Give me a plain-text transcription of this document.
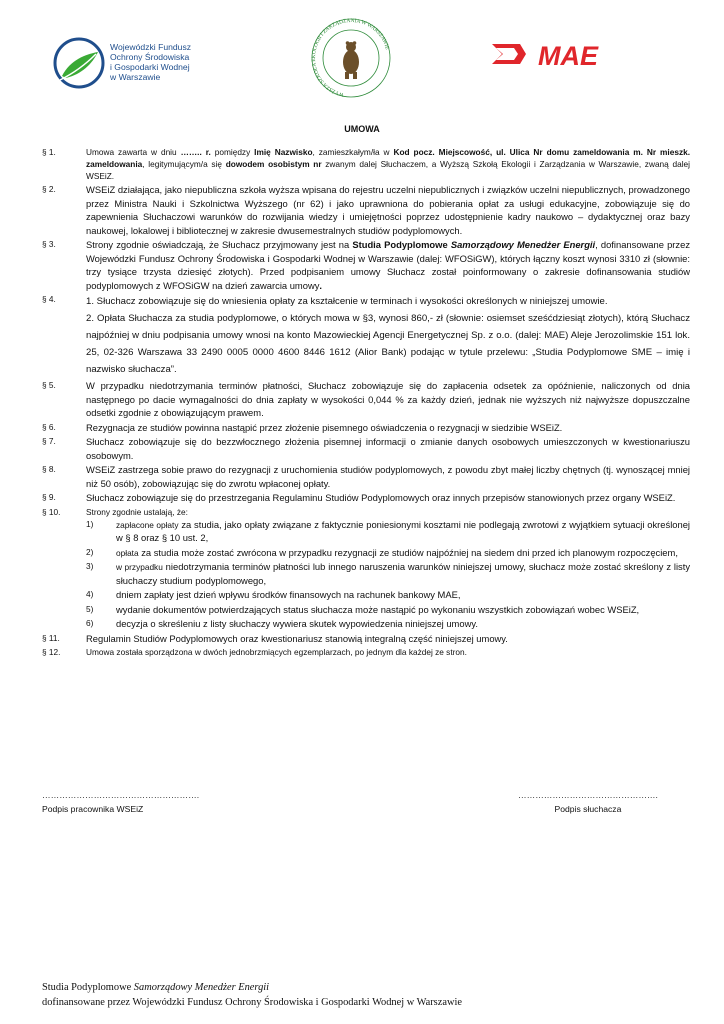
Wojewódzki Fundusz
Ochrony Środowiska
i Gospodarki Wodnej
w Warszawie
WYŻSZA SZKOŁA EKOLOGII I ZARZĄDZANIA W WARSZAWIE	MAE
UMOWA
§ 1.	Umowa zawarta w dniu …….. r. pomiędzy Imię Nazwisko, zamieszkałym/ła w Kod pocz. Miejscowość, ul. Ulica Nr domu zameldowania m. Nr mieszk. zameldowania, legitymującym/a się dowodem osobistym nr zwanym dalej Słuchaczem, a Wyższą Szkołą Ekologii i Zarządzania w Warszawie, zwaną dalej WSEiZ.
§ 2.	WSEiZ działająca, jako niepubliczna szkoła wyższa wpisana do rejestru uczelni niepublicznych i związków uczelni niepublicznych, prowadzonego przez Ministra Nauki i Szkolnictwa Wyższego (nr 62) i jako uprawniona do pobierania opłat za usługi edukacyjne, zobowiązuje się do zapewnienia Słuchaczowi warunków do rozwijania wiedzy i umiejętności poprzez udostępnienie kadry naukowo – dydaktycznej oraz bazy naukowej, lokalowej i bibliotecznej w zakresie dwusemestralnych studiów podyplomowych.
§ 3.	Strony zgodnie oświadczają, że Słuchacz przyjmowany jest na Studia Podyplomowe Samorządowy Menedżer Energii, dofinansowane przez Wojewódzki Fundusz Ochrony Środowiska i Gospodarki Wodnej w Warszawie (dalej: WFOSiGW), których łączny koszt wynosi 3310 zł (słownie: trzy tysiące trzysta dziesięć złotych). Przed podpisaniem umowy Słuchacz został poinformowany o zakresie dofinansowania studiów podyplomowych z WFOSiGW na dzień zawarcia umowy.
§ 4.	1. Słuchacz zobowiązuje się do wniesienia opłaty za kształcenie w terminach i wysokości określonych w niniejszej umowie.
2. Opłata Słuchacza za studia podyplomowe, o których mowa w §3, wynosi 860,- zł (słownie: osiemset sześćdziesiąt złotych), którą Słuchacz najpóźniej w dniu podpisania umowy wnosi na konto Mazowieckiej Agencji Energetycznej Sp. z o.o. (dalej: MAE) Aleje Jerozolimskie 151 lok. 25, 02-326 Warszawa 33 2490 0005 0000 4600 8446 1612 (Alior Bank) podając w tytule przelewu: „Studia Podyplomowe SME – imię i nazwisko słuchacza”.
§ 5.	W przypadku niedotrzymania terminów płatności, Słuchacz zobowiązuje się do zapłacenia odsetek za opóźnienie, naliczonych od dnia następnego po dacie wymagalności do dnia zapłaty w wysokości 0,044 % za każdy dzień, jednak nie wyższych niż najwyższe dopuszczalne odsetki zgodnie z obowiązującym prawem.
§ 6.	Rezygnacja ze studiów powinna nastąpić przez złożenie pisemnego oświadczenia o rezygnacji w siedzibie WSEiZ.
§ 7.	Słuchacz zobowiązuje się do bezzwłocznego złożenia pisemnej informacji o zmianie danych osobowych umieszczonych w kwestionariuszu osobowym.
§ 8.	WSEiZ zastrzega sobie prawo do rezygnacji z uruchomienia studiów podyplomowych, z powodu zbyt małej liczby chętnych (tj. wynoszącej mniej niż 50 osób), zobowiązując się do zwrotu wpłaconej opłaty.
§ 9.	Słuchacz zobowiązuje się do przestrzegania Regulaminu Studiów Podyplomowych oraz innych przepisów stanowionych przez organy WSEiZ.
§ 10.	Strony zgodnie ustalają, że:
1)	zapłacone opłaty za studia, jako opłaty związane z faktycznie poniesionymi kosztami nie podlegają zwrotowi z wyjątkiem sytuacji określonej w § 8 oraz § 10 ust. 2,
2)	opłata za studia może zostać zwrócona w przypadku rezygnacji ze studiów najpóźniej na siedem dni przed ich planowym rozpoczęciem,
3)	w przypadku niedotrzymania terminów płatności lub innego naruszenia warunków niniejszej umowy, słuchacz może zostać skreślony z listy słuchaczy studium podyplomowego,
4) dniem zapłaty jest dzień wpływu środków finansowych na rachunek bankowy MAE,
5) wydanie dokumentów potwierdzających status słuchacza może nastąpić po wykonaniu wszystkich zobowiązań wobec WSEiZ,
6) decyzja o skreśleniu z listy słuchaczy wywiera skutek wypowiedzenia niniejszej umowy.
§ 11.	Regulamin Studiów Podyplomowych oraz kwestionariusz stanowią integralną część niniejszej umowy.
§ 12.	Umowa została sporządzona w dwóch jednobrzmiących egzemplarzach, po jednym dla każdej ze stron.
……………………………………………….
Podpis pracownika WSEiZ
………………………………………….
Podpis słuchacza
Studia Podyplomowe Samorządowy Menedżer Energii
dofinansowane przez Wojewódzki Fundusz Ochrony Środowiska i Gospodarki Wodnej w Warszawie
